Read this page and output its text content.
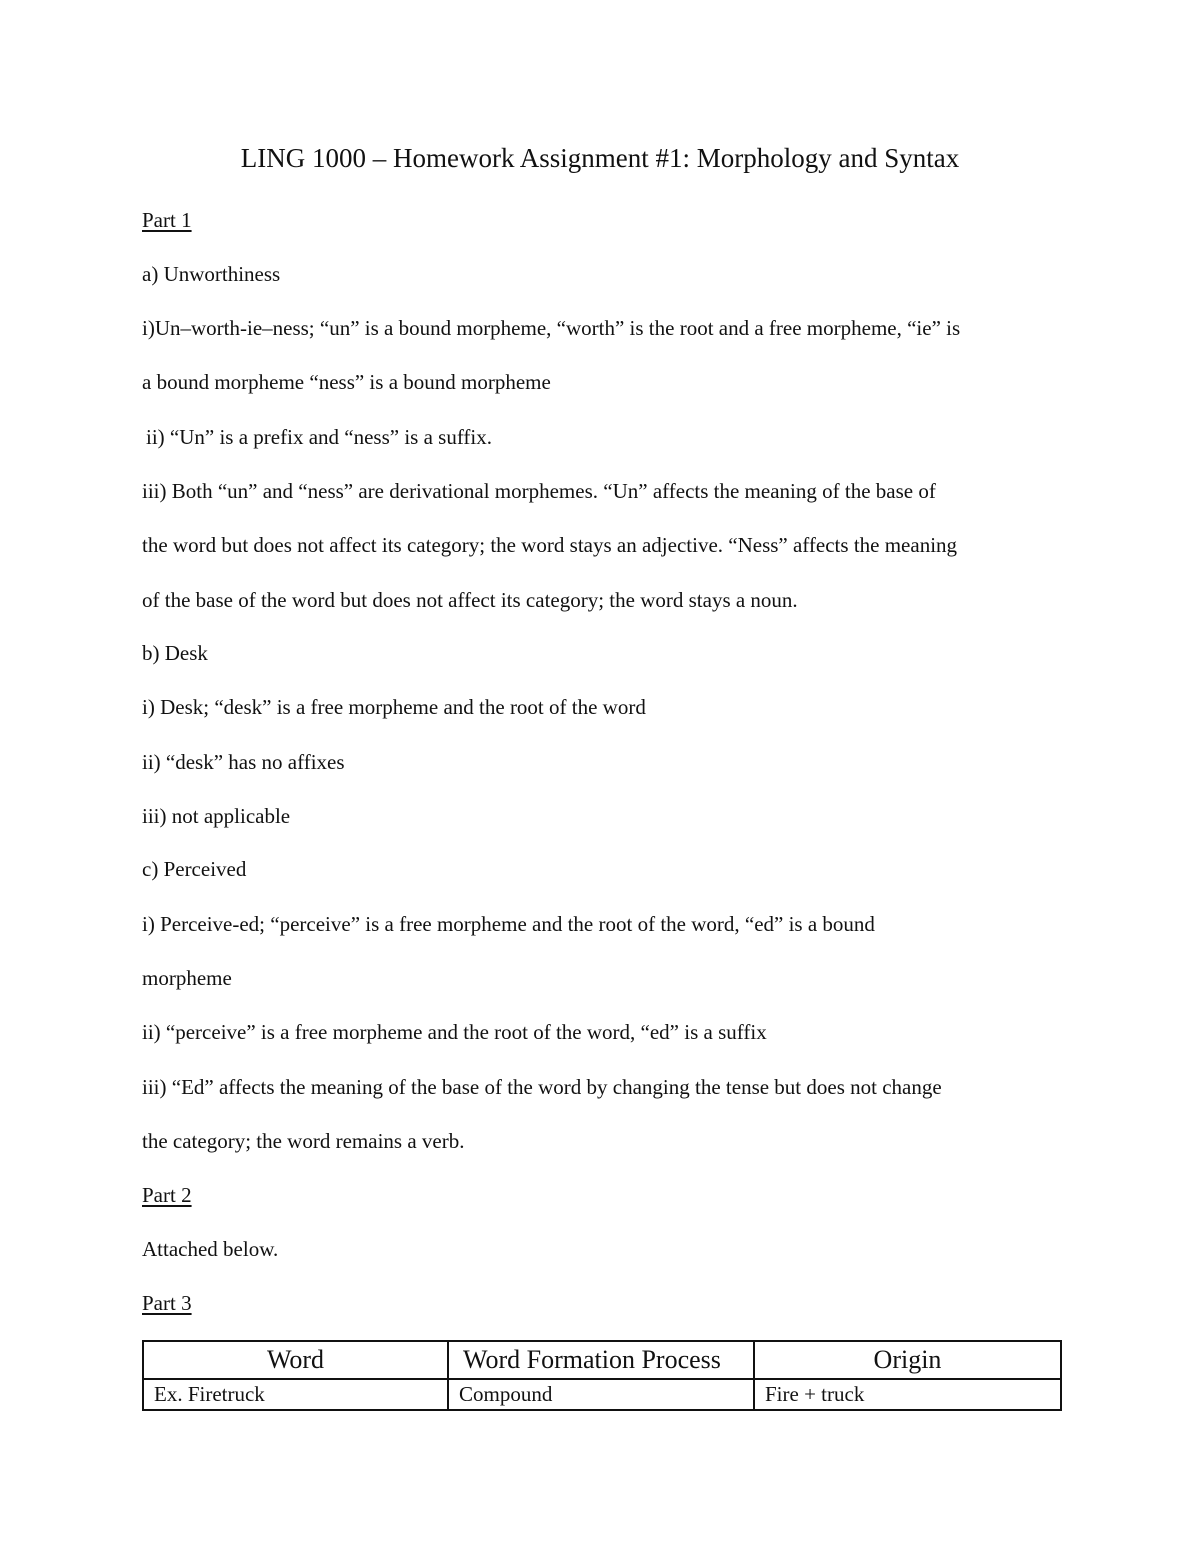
LING 1000 – Homework Assignment #1: Morphology and Syntax
Part 1
a) Unworthiness
i)Un–worth-ie–ness; “un” is a bound morpheme, “worth” is the root and a free morpheme, “ie” is
a bound morpheme “ness” is a bound morpheme
ii) “Un” is a prefix and “ness” is a suffix.
iii) Both “un” and “ness” are derivational morphemes. “Un” affects the meaning of the base of
the word but does not affect its category; the word stays an adjective. “Ness” affects the meaning
of the base of the word but does not affect its category; the word stays a noun.
b) Desk
i) Desk; “desk” is a free morpheme and the root of the word
ii) “desk” has no affixes
iii) not applicable
c) Perceived
i) Perceive-ed; “perceive” is a free morpheme and the root of the word, “ed” is a bound
morpheme
ii) “perceive” is a free morpheme and the root of the word, “ed” is a suffix
iii) “Ed” affects the meaning of the base of the word by changing the tense but does not change
the category; the word remains a verb.
Part 2
Attached below.
Part 3
Word	Word Formation Process	Origin
Ex. Firetruck	Compound	Fire + truck
